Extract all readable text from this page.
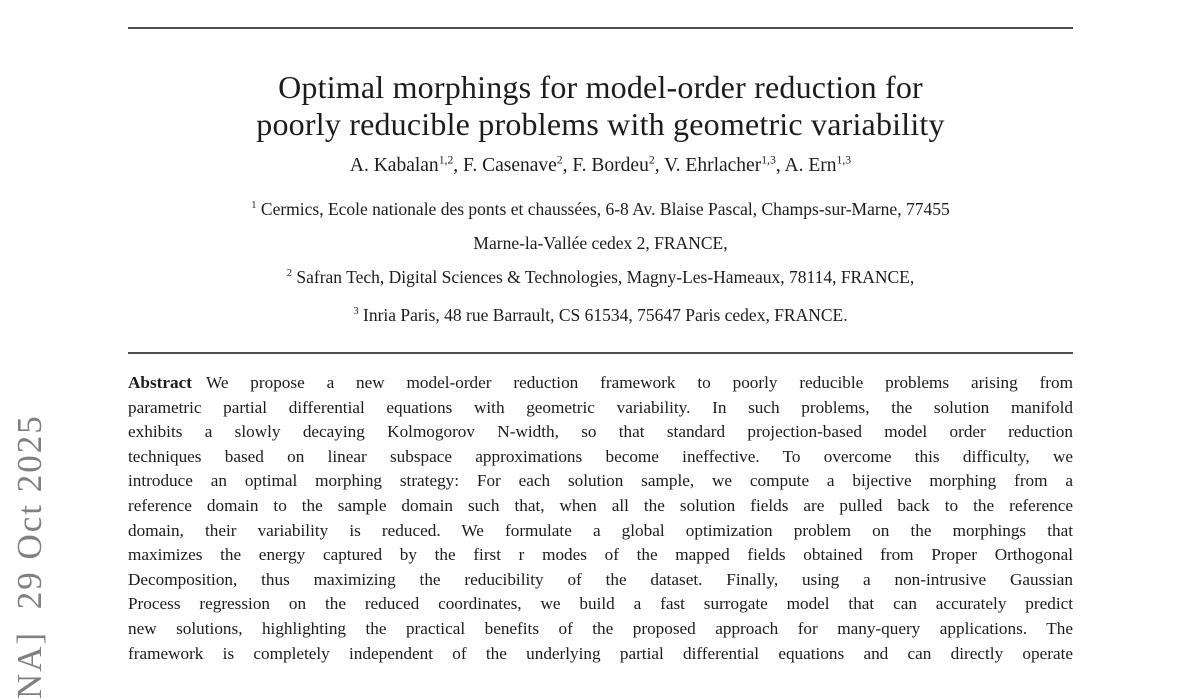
NA]  29 Oct 2025
Optimal morphings for model-order reduction for
poorly reducible problems with geometric variability
A. Kabalan$^{1,2}$, F. Casenave$^2$, F. Bordeu$^2$, V. Ehrlacher$^{1,3}$, A. Ern$^{1,3}$
$^1$ Cermics, Ecole nationale des ponts et chaussées, 6-8 Av. Blaise Pascal, Champs-sur-Marne, 77455
Marne-la-Vallée cedex 2, FRANCE,
$^2$ Safran Tech, Digital Sciences & Technologies, Magny-Les-Hameaux, 78114, FRANCE,
$^3$ Inria Paris, 48 rue Barrault, CS 61534, 75647 Paris cedex, FRANCE.
Abstract We propose a new model-order reduction framework to poorly reducible problems arising from
parametric partial differential equations with geometric variability. In such problems, the solution manifold
exhibits a slowly decaying Kolmogorov N-width, so that standard projection-based model order reduction
techniques based on linear subspace approximations become ineffective. To overcome this difficulty, we
introduce an optimal morphing strategy: For each solution sample, we compute a bijective morphing from a
reference domain to the sample domain such that, when all the solution fields are pulled back to the reference
domain, their variability is reduced. We formulate a global optimization problem on the morphings that
maximizes the energy captured by the first r modes of the mapped fields obtained from Proper Orthogonal
Decomposition, thus maximizing the reducibility of the dataset. Finally, using a non-intrusive Gaussian
Process regression on the reduced coordinates, we build a fast surrogate model that can accurately predict
new solutions, highlighting the practical benefits of the proposed approach for many-query applications. The
framework is completely independent of the underlying partial differential equations and can directly operate
